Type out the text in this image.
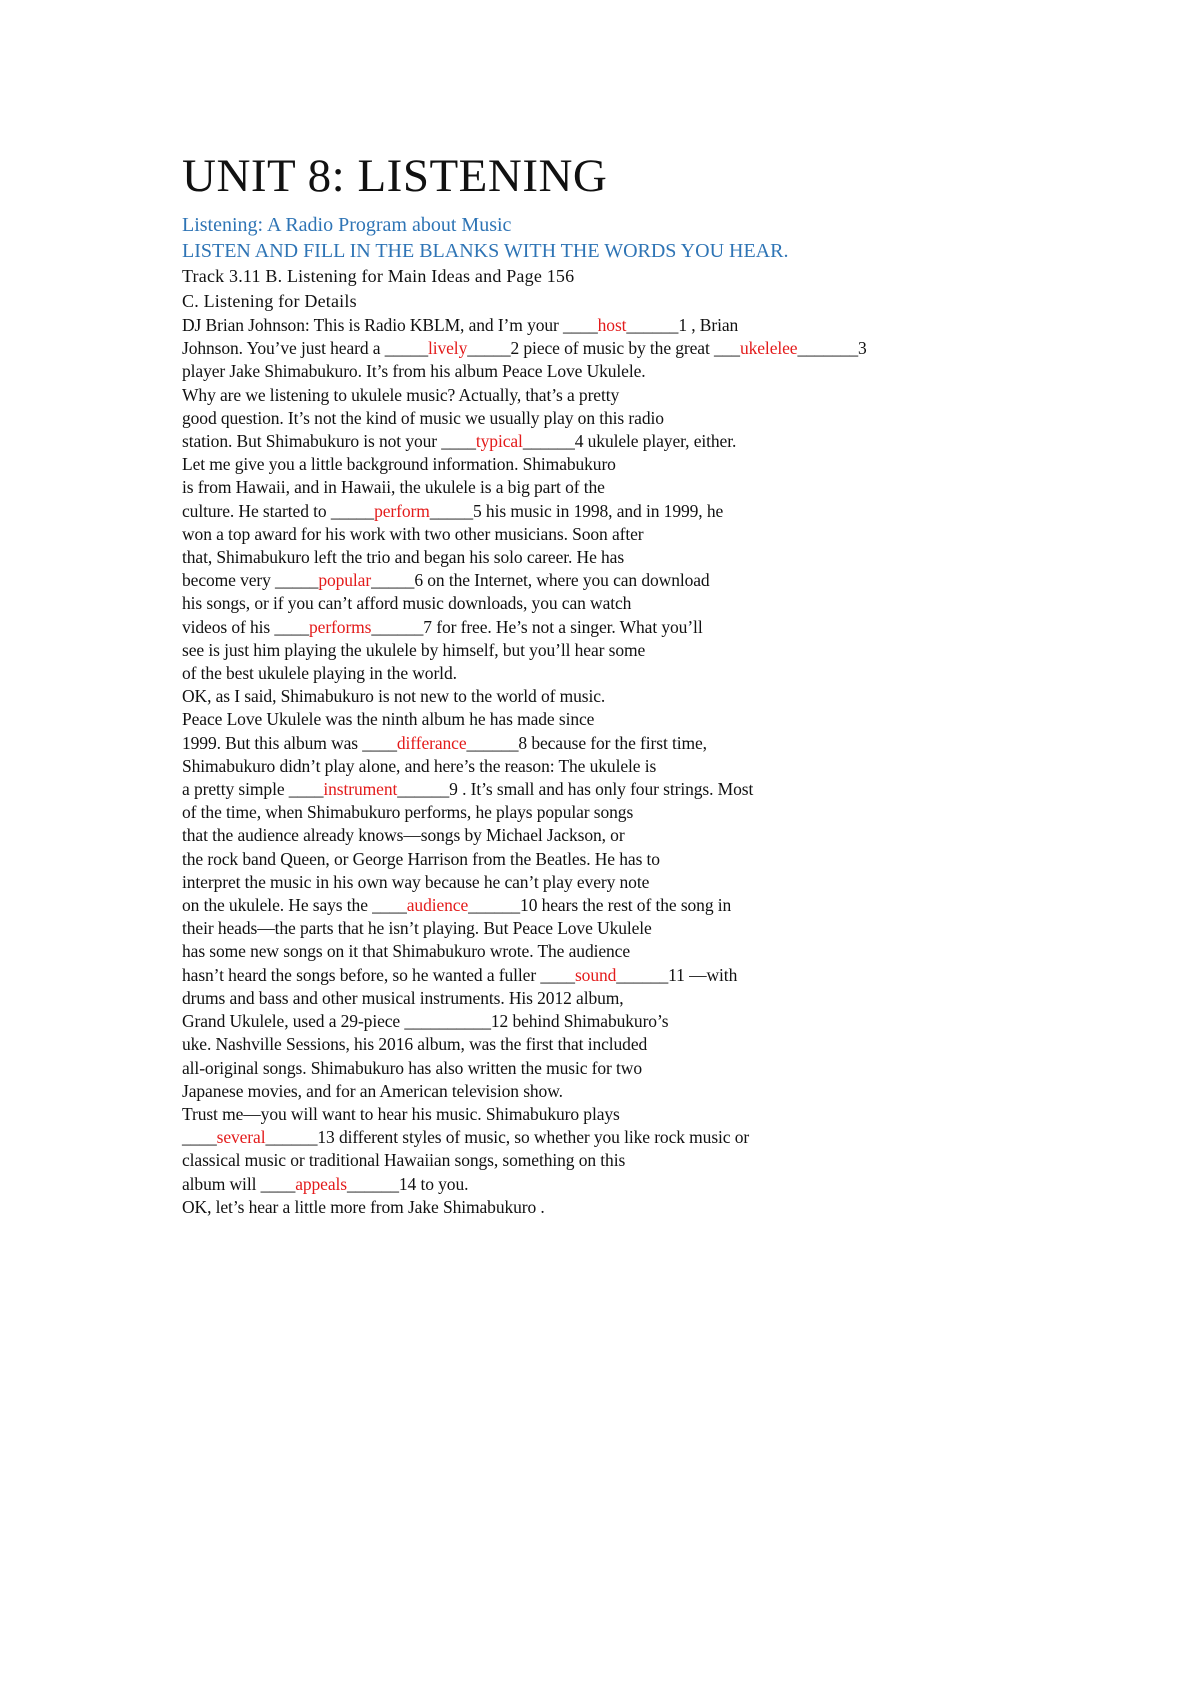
UNIT 8: LISTENING
Listening: A Radio Program about Music
LISTEN AND FILL IN THE BLANKS WITH THE WORDS YOU HEAR.
Track 3.11 B. Listening for Main Ideas and Page 156
C. Listening for Details
DJ Brian Johnson: This is Radio KBLM, and I’m your ____host______1 , Brian
Johnson. You’ve just heard a _____lively_____2 piece of music by the great ___ukelelee_______3
player Jake Shimabukuro. It’s from his album Peace Love Ukulele.
Why are we listening to ukulele music? Actually, that’s a pretty
good question. It’s not the kind of music we usually play on this radio
station. But Shimabukuro is not your ____typical______4 ukulele player, either.
Let me give you a little background information. Shimabukuro
is from Hawaii, and in Hawaii, the ukulele is a big part of the
culture. He started to _____perform_____5 his music in 1998, and in 1999, he
won a top award for his work with two other musicians. Soon after
that, Shimabukuro left the trio and began his solo career. He has
become very _____popular_____6 on the Internet, where you can download
his songs, or if you can’t afford music downloads, you can watch
videos of his ____performs______7 for free. He’s not a singer. What you’ll
see is just him playing the ukulele by himself, but you’ll hear some
of the best ukulele playing in the world.
OK, as I said, Shimabukuro is not new to the world of music.
Peace Love Ukulele was the ninth album he has made since
1999. But this album was ____differance______8 because for the first time,
Shimabukuro didn’t play alone, and here’s the reason: The ukulele is
a pretty simple ____instrument______9 . It’s small and has only four strings. Most
of the time, when Shimabukuro performs, he plays popular songs
that the audience already knows—songs by Michael Jackson, or
the rock band Queen, or George Harrison from the Beatles. He has to
interpret the music in his own way because he can’t play every note
on the ukulele. He says the ____audience______10 hears the rest of the song in
their heads—the parts that he isn’t playing. But Peace Love Ukulele
has some new songs on it that Shimabukuro wrote. The audience
hasn’t heard the songs before, so he wanted a fuller ____sound______11 —with
drums and bass and other musical instruments. His 2012 album,
Grand Ukulele, used a 29-piece __________12 behind Shimabukuro’s
uke. Nashville Sessions, his 2016 album, was the first that included
all-original songs. Shimabukuro has also written the music for two
Japanese movies, and for an American television show.
Trust me—you will want to hear his music. Shimabukuro plays
____several______13 different styles of music, so whether you like rock music or
classical music or traditional Hawaiian songs, something on this
album will ____appeals______14 to you.
OK, let’s hear a little more from Jake Shimabukuro .
